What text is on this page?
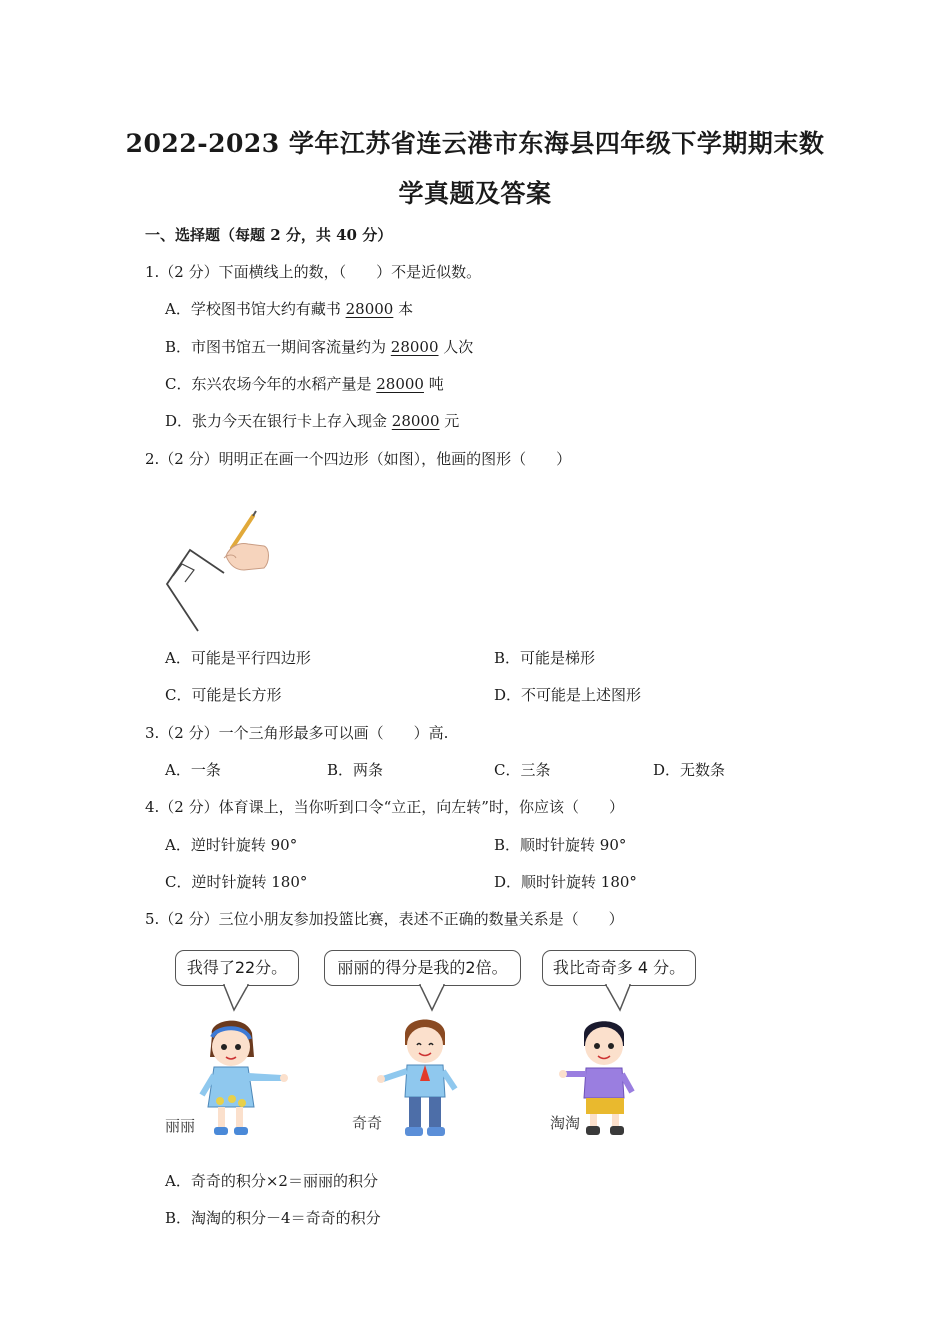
2022-2023 学年江苏省连云港市东海县四年级下学期期末数
学真题及答案
一、选择题（每题 2 分，共 40 分）
1.（2 分）下面横线上的数，（　　）不是近似数。
A．学校图书馆大约有藏书 28000 本
B．市图书馆五一期间客流量约为 28000 人次
C．东兴农场今年的水稻产量是 28000 吨
D．张力今天在银行卡上存入现金 28000 元
2.（2 分）明明正在画一个四边形（如图），他画的图形（　　）
A．可能是平行四边形	B．可能是梯形
C．可能是长方形	D．不可能是上述图形
3.（2 分）一个三角形最多可以画（　　）高.
A．一条	B．两条	C．三条	D．无数条
4.（2 分）体育课上，当你听到口令“立正，向左转”时，你应该（　　）
A．逆时针旋转 90°	B．顺时针旋转 90°
C．逆时针旋转 180°	D．顺时针旋转 180°
5.（2 分）三位小朋友参加投篮比赛，表述不正确的数量关系是（　　）
我得了22分。	丽丽的得分是我的2倍。	我比奇奇多 4 分。
丽丽	奇奇	淘淘
A．奇奇的积分×2＝丽丽的积分
B．淘淘的积分－4＝奇奇的积分
